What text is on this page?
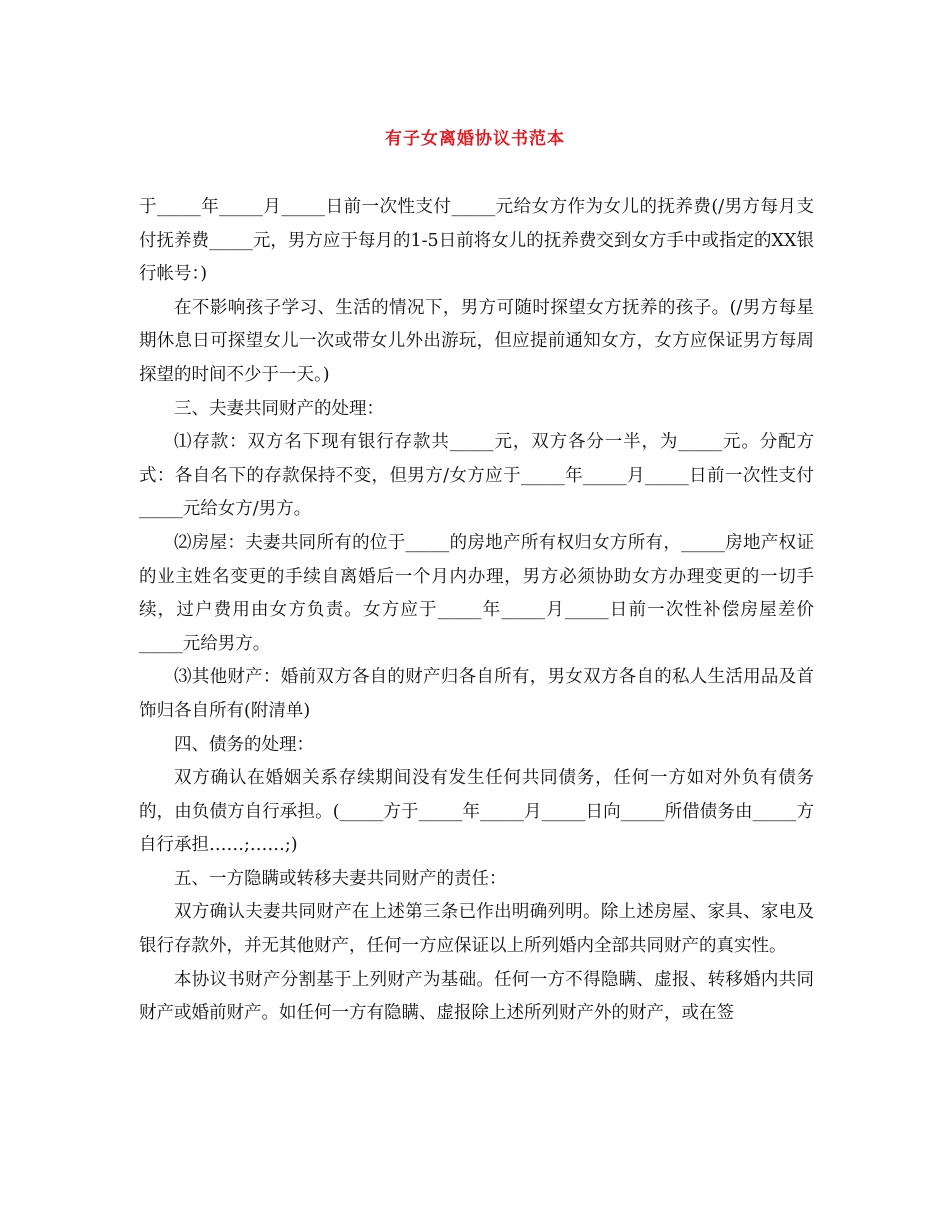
有子女离婚协议书范本

于_____年_____月_____日前一次性支付_____元给女方作为女儿的抚养费(/男方每月支付抚养费_____元，男方应于每月的1-5日前将女儿的抚养费交到女方手中或指定的XX银行帐号：)

在不影响孩子学习、生活的情况下，男方可随时探望女方抚养的孩子。(/男方每星期休息日可探望女儿一次或带女儿外出游玩，但应提前通知女方，女方应保证男方每周探望的时间不少于一天。)

三、夫妻共同财产的处理：

⑴存款：双方名下现有银行存款共_____元，双方各分一半，为_____元。分配方式：各自名下的存款保持不变，但男方/女方应于_____年_____月_____日前一次性支付_____元给女方/男方。

⑵房屋：夫妻共同所有的位于_____的房地产所有权归女方所有，_____房地产权证的业主姓名变更的手续自离婚后一个月内办理，男方必须协助女方办理变更的一切手续，过户费用由女方负责。女方应于_____年_____月_____日前一次性补偿房屋差价_____元给男方。

⑶其他财产：婚前双方各自的财产归各自所有，男女双方各自的私人生活用品及首饰归各自所有(附清单)

四、债务的处理：

双方确认在婚姻关系存续期间没有发生任何共同债务，任何一方如对外负有债务的，由负债方自行承担。(_____方于_____年_____月_____日向_____所借债务由_____方自行承担……;……;)

五、一方隐瞒或转移夫妻共同财产的责任：

双方确认夫妻共同财产在上述第三条已作出明确列明。除上述房屋、家具、家电及银行存款外，并无其他财产，任何一方应保证以上所列婚内全部共同财产的真实性。

本协议书财产分割基于上列财产为基础。任何一方不得隐瞒、虚报、转移婚内共同财产或婚前财产。如任何一方有隐瞒、虚报除上述所列财产外的财产，或在签
